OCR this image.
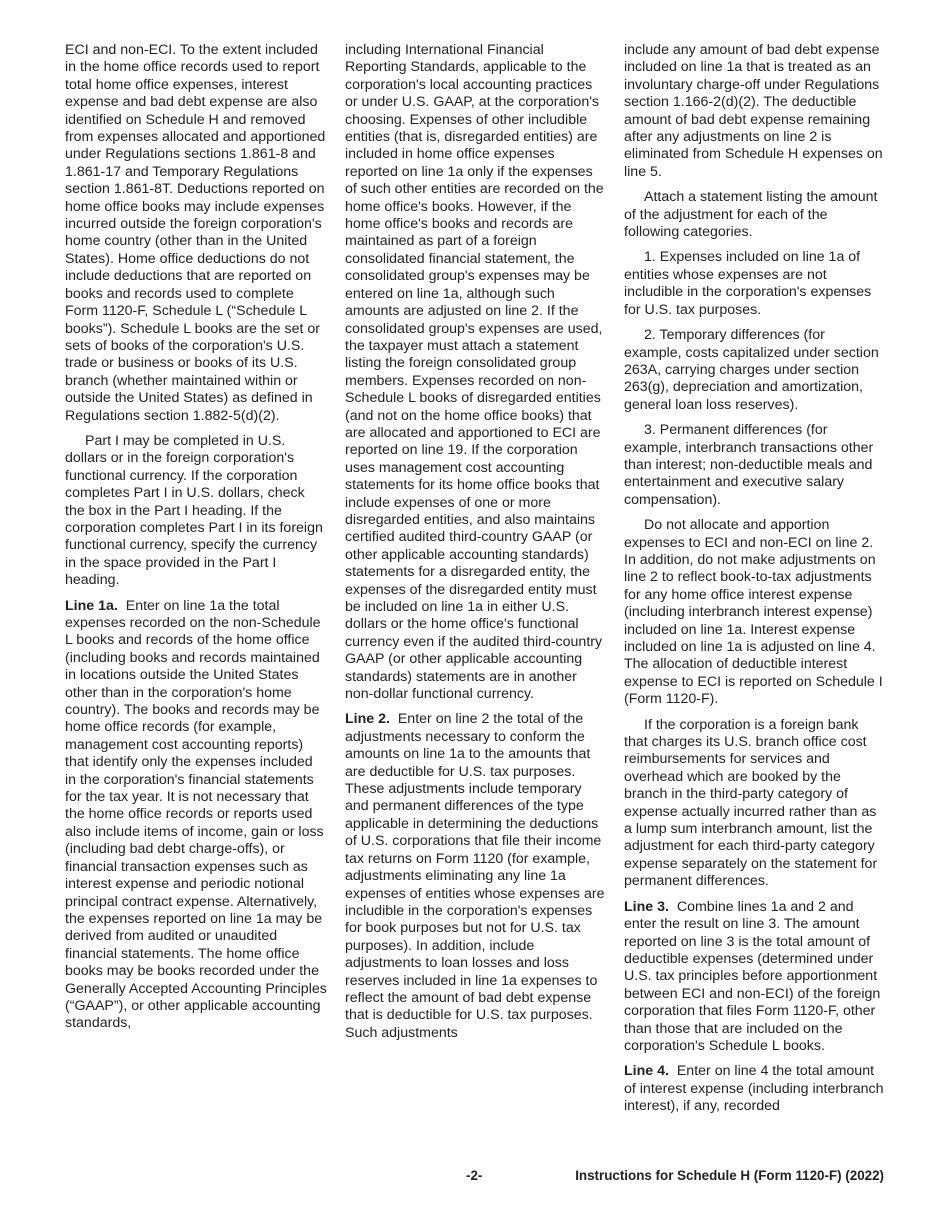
ECI and non-ECI. To the extent included in the home office records used to report total home office expenses, interest expense and bad debt expense are also identified on Schedule H and removed from expenses allocated and apportioned under Regulations sections 1.861-8 and 1.861-17 and Temporary Regulations section 1.861-8T. Deductions reported on home office books may include expenses incurred outside the foreign corporation's home country (other than in the United States). Home office deductions do not include deductions that are reported on books and records used to complete Form 1120-F, Schedule L (“Schedule L books”). Schedule L books are the set or sets of books of the corporation's U.S. trade or business or books of its U.S. branch (whether maintained within or outside the United States) as defined in Regulations section 1.882-5(d)(2).

Part I may be completed in U.S. dollars or in the foreign corporation's functional currency. If the corporation completes Part I in U.S. dollars, check the box in the Part I heading. If the corporation completes Part I in its foreign functional currency, specify the currency in the space provided in the Part I heading.

Line 1a. Enter on line 1a the total expenses recorded on the non-Schedule L books and records of the home office (including books and records maintained in locations outside the United States other than in the corporation's home country). The books and records may be home office records (for example, management cost accounting reports) that identify only the expenses included in the corporation's financial statements for the tax year. It is not necessary that the home office records or reports used also include items of income, gain or loss (including bad debt charge-offs), or financial transaction expenses such as interest expense and periodic notional principal contract expense. Alternatively, the expenses reported on line 1a may be derived from audited or unaudited financial statements. The home office books may be books recorded under the Generally Accepted Accounting Principles (“GAAP”), or other applicable accounting standards,

including International Financial Reporting Standards, applicable to the corporation's local accounting practices or under U.S. GAAP, at the corporation's choosing. Expenses of other includible entities (that is, disregarded entities) are included in home office expenses reported on line 1a only if the expenses of such other entities are recorded on the home office's books. However, if the home office's books and records are maintained as part of a foreign consolidated financial statement, the consolidated group's expenses may be entered on line 1a, although such amounts are adjusted on line 2. If the consolidated group's expenses are used, the taxpayer must attach a statement listing the foreign consolidated group members. Expenses recorded on non-Schedule L books of disregarded entities (and not on the home office books) that are allocated and apportioned to ECI are reported on line 19. If the corporation uses management cost accounting statements for its home office books that include expenses of one or more disregarded entities, and also maintains certified audited third-country GAAP (or other applicable accounting standards) statements for a disregarded entity, the expenses of the disregarded entity must be included on line 1a in either U.S. dollars or the home office's functional currency even if the audited third-country GAAP (or other applicable accounting standards) statements are in another non-dollar functional currency.

Line 2. Enter on line 2 the total of the adjustments necessary to conform the amounts on line 1a to the amounts that are deductible for U.S. tax purposes. These adjustments include temporary and permanent differences of the type applicable in determining the deductions of U.S. corporations that file their income tax returns on Form 1120 (for example, adjustments eliminating any line 1a expenses of entities whose expenses are includible in the corporation's expenses for book purposes but not for U.S. tax purposes). In addition, include adjustments to loan losses and loss reserves included in line 1a expenses to reflect the amount of bad debt expense that is deductible for U.S. tax purposes. Such adjustments

include any amount of bad debt expense included on line 1a that is treated as an involuntary charge-off under Regulations section 1.166-2(d)(2). The deductible amount of bad debt expense remaining after any adjustments on line 2 is eliminated from Schedule H expenses on line 5.

Attach a statement listing the amount of the adjustment for each of the following categories.

1. Expenses included on line 1a of entities whose expenses are not includible in the corporation's expenses for U.S. tax purposes.

2. Temporary differences (for example, costs capitalized under section 263A, carrying charges under section 263(g), depreciation and amortization, general loan loss reserves).

3. Permanent differences (for example, interbranch transactions other than interest; non-deductible meals and entertainment and executive salary compensation).

Do not allocate and apportion expenses to ECI and non-ECI on line 2. In addition, do not make adjustments on line 2 to reflect book-to-tax adjustments for any home office interest expense (including interbranch interest expense) included on line 1a. Interest expense included on line 1a is adjusted on line 4. The allocation of deductible interest expense to ECI is reported on Schedule I (Form 1120-F).

If the corporation is a foreign bank that charges its U.S. branch office cost reimbursements for services and overhead which are booked by the branch in the third-party category of expense actually incurred rather than as a lump sum interbranch amount, list the adjustment for each third-party category expense separately on the statement for permanent differences.

Line 3. Combine lines 1a and 2 and enter the result on line 3. The amount reported on line 3 is the total amount of deductible expenses (determined under U.S. tax principles before apportionment between ECI and non-ECI) of the foreign corporation that files Form 1120-F, other than those that are included on the corporation's Schedule L books.

Line 4. Enter on line 4 the total amount of interest expense (including interbranch interest), if any, recorded

-2-	Instructions for Schedule H (Form 1120-F) (2022)
